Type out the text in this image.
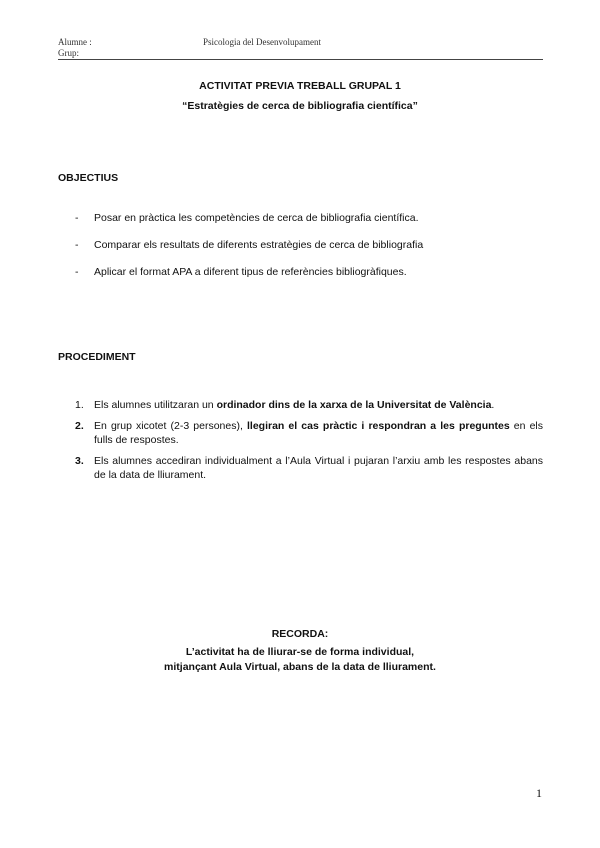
Alumne :
Grup:
Psicologia del Desenvolupament
ACTIVITAT PREVIA TREBALL GRUPAL 1
“Estratègies de cerca de bibliografia científica”
OBJECTIUS
- Posar en pràctica les competències de cerca de bibliografia científica.
- Comparar els resultats de diferents estratègies de cerca de bibliografia
- Aplicar el format APA a diferent tipus de referències bibliogràfiques.
PROCEDIMENT
1. Els alumnes utilitzaran un ordinador dins de la xarxa de la Universitat de València.
2. En grup xicotet (2-3 persones), llegiran el cas pràctic i respondran a les preguntes en els fulls de respostes.
3. Els alumnes accediran individualment a l’Aula Virtual i pujaran l’arxiu amb les respostes abans de la data de lliurament.
RECORDA:
L’activitat ha de lliurar-se de forma individual,
mitjançant Aula Virtual, abans de la data de lliurament.
1
